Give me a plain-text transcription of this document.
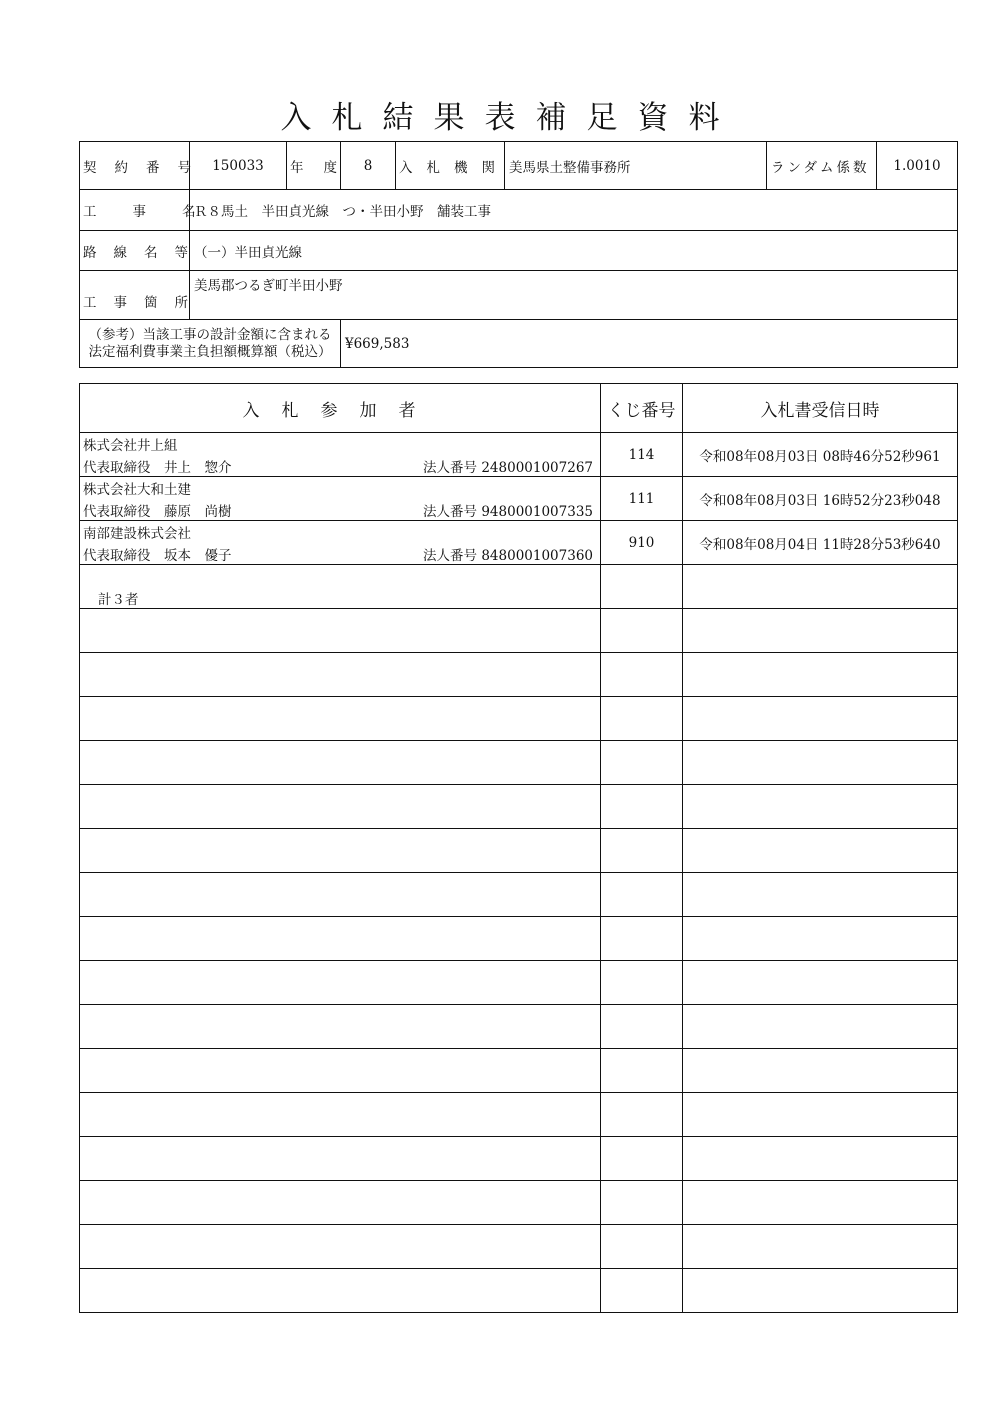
入札結果表補足資料
契約番号	150033	年度	8	入札機関	美馬県土整備事務所	ランダム係数	1.0010

工事名	Ｒ８馬土　半田貞光線　つ・半田小野　舗装工事						

路線名等	（一）半田貞光線						

工事箇所	美馬郡つるぎ町半田小野						

（参考）当該工事の設計金額に含まれる
法定福利費事業主負担額概算額（税込）			¥669,583				
入札参加者	くじ番号	入札書受信日時

株式会社井上組
代表取締役　井上　惣介 法人番号 2480001007267	114	令和08年08月03日 08時46分52秒961

株式会社大和土建
代表取締役　藤原　尚樹 法人番号 9480001007335	111	令和08年08月03日 16時52分23秒048

南部建設株式会社
代表取締役　坂本　優子 法人番号 8480001007360	910	令和08年08月04日 11時28分53秒640

計３者		
